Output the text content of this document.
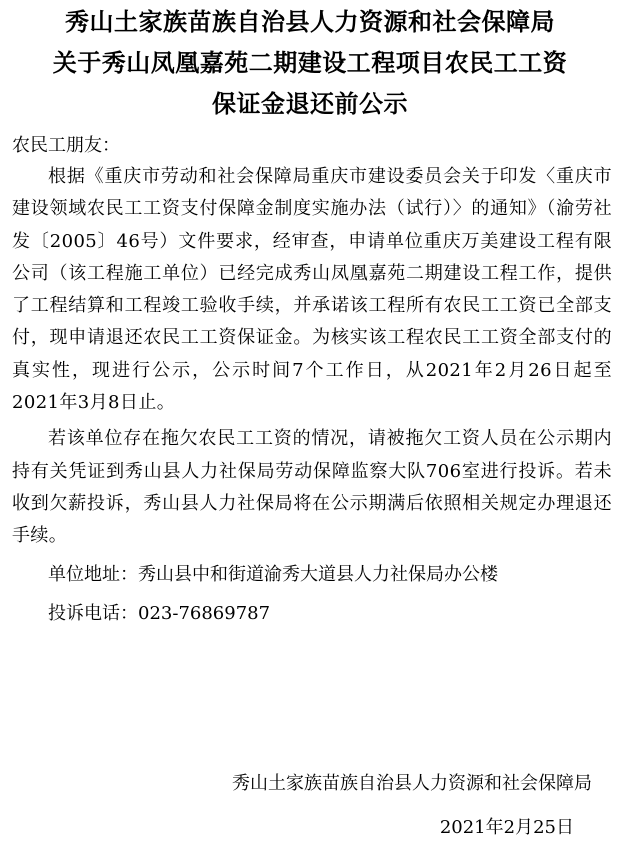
秀山土家族苗族自治县人力资源和社会保障局
关于秀山凤凰嘉苑二期建设工程项目农民工工资
保证金退还前公示

农民工朋友：

根据《重庆市劳动和社会保障局重庆市建设委员会关于印发〈重庆市建设领域农民工工资支付保障金制度实施办法（试行）〉的通知》（渝劳社发〔2005〕46号）文件要求，经审查，申请单位重庆万美建设工程有限公司（该工程施工单位）已经完成秀山凤凰嘉苑二期建设工程工作，提供了工程结算和工程竣工验收手续，并承诺该工程所有农民工工资已全部支付，现申请退还农民工工资保证金。为核实该工程农民工工资全部支付的真实性，现进行公示，公示时间7个工作日，从2021年2月26日起至2021年3月8日止。

若该单位存在拖欠农民工工资的情况，请被拖欠工资人员在公示期内持有关凭证到秀山县人力社保局劳动保障监察大队706室进行投诉。若未收到欠薪投诉，秀山县人力社保局将在公示期满后依照相关规定办理退还手续。

单位地址：秀山县中和街道渝秀大道县人力社保局办公楼

投诉电话：023-76869787

秀山土家族苗族自治县人力资源和社会保障局
2021年2月25日
